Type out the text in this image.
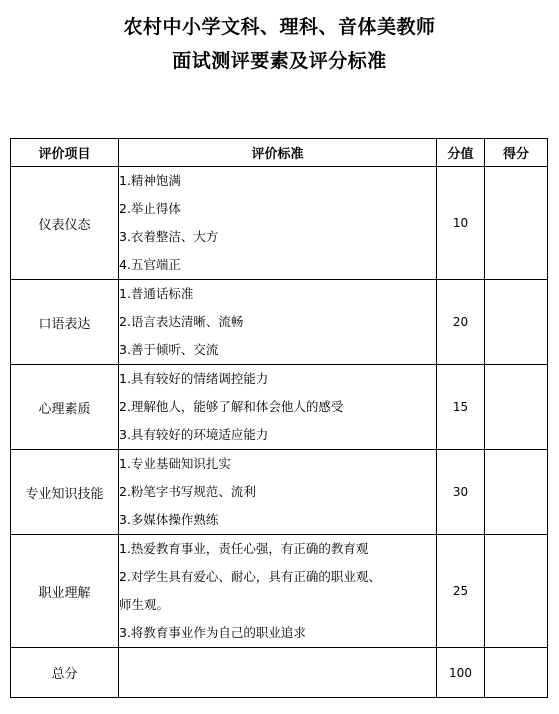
农村中小学文科、理科、音体美教师
面试测评要素及评分标准
评价项目	评价标准	分值	得分
仪表仪态	1.精神饱满
2.举止得体
3.衣着整洁、大方
4.五官端正	10	
口语表达	1.普通话标准
2.语言表达清晰、流畅
3.善于倾听、交流	20	
心理素质	1.具有较好的情绪调控能力
2.理解他人，能够了解和体会他人的感受
3.具有较好的环境适应能力	15	
专业知识技能	1.专业基础知识扎实
2.粉笔字书写规范、流利
3.多媒体操作熟练	30	
职业理解	1.热爱教育事业，责任心强，有正确的教育观
2.对学生具有爱心、耐心，具有正确的职业观、
师生观。
3.将教育事业作为自己的职业追求	25	
总分		100	
